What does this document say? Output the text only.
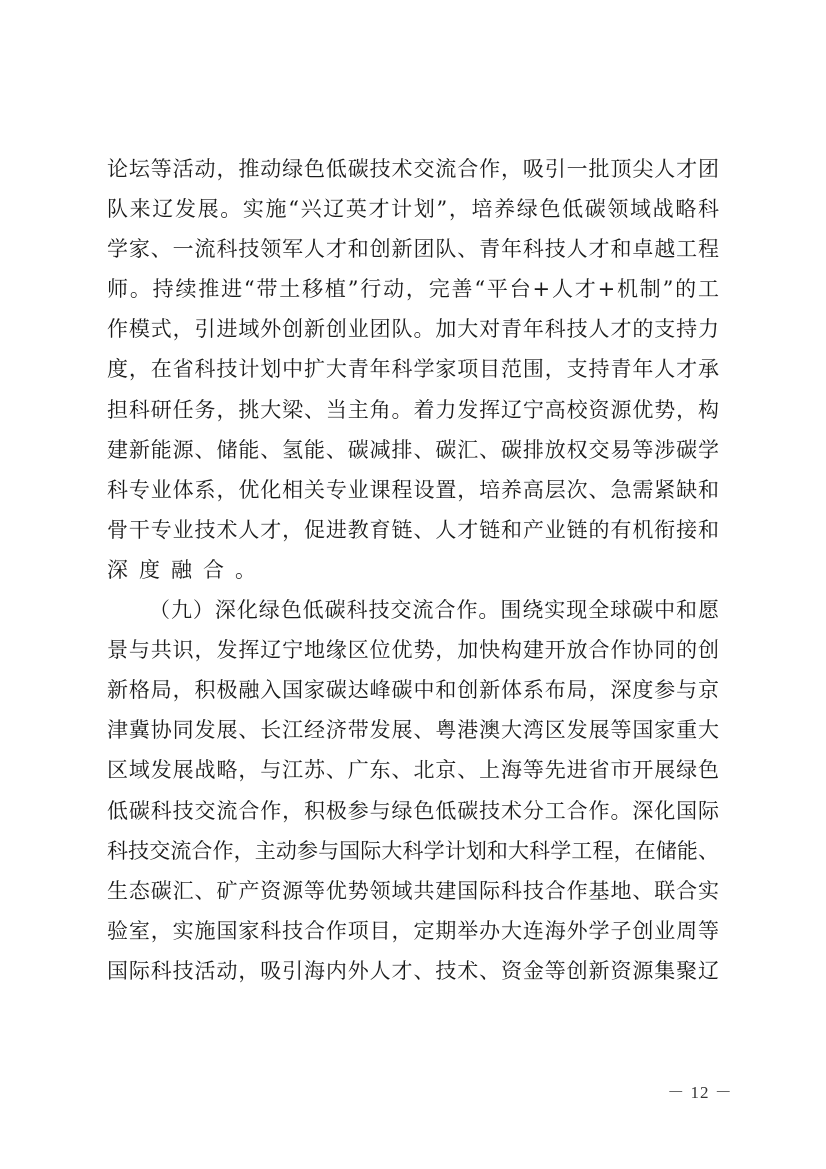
论坛等活动，推动绿色低碳技术交流合作，吸引一批顶尖人才团
队来辽发展。实施“兴辽英才计划”，培养绿色低碳领域战略科
学家、一流科技领军人才和创新团队、青年科技人才和卓越工程
师。持续推进“带土移植”行动，完善“平台+人才+机制”的工
作模式，引进域外创新创业团队。加大对青年科技人才的支持力
度，在省科技计划中扩大青年科学家项目范围，支持青年人才承
担科研任务，挑大梁、当主角。着力发挥辽宁高校资源优势，构
建新能源、储能、氢能、碳减排、碳汇、碳排放权交易等涉碳学
科专业体系，优化相关专业课程设置，培养高层次、急需紧缺和
骨干专业技术人才，促进教育链、人才链和产业链的有机衔接和
深度融合。
（九）深化绿色低碳科技交流合作。围绕实现全球碳中和愿
景与共识，发挥辽宁地缘区位优势，加快构建开放合作协同的创
新格局，积极融入国家碳达峰碳中和创新体系布局，深度参与京
津冀协同发展、长江经济带发展、粤港澳大湾区发展等国家重大
区域发展战略，与江苏、广东、北京、上海等先进省市开展绿色
低碳科技交流合作，积极参与绿色低碳技术分工合作。深化国际
科技交流合作，主动参与国际大科学计划和大科学工程，在储能、
生态碳汇、矿产资源等优势领域共建国际科技合作基地、联合实
验室，实施国家科技合作项目，定期举办大连海外学子创业周等
国际科技活动，吸引海内外人才、技术、资金等创新资源集聚辽
－ 12 －
